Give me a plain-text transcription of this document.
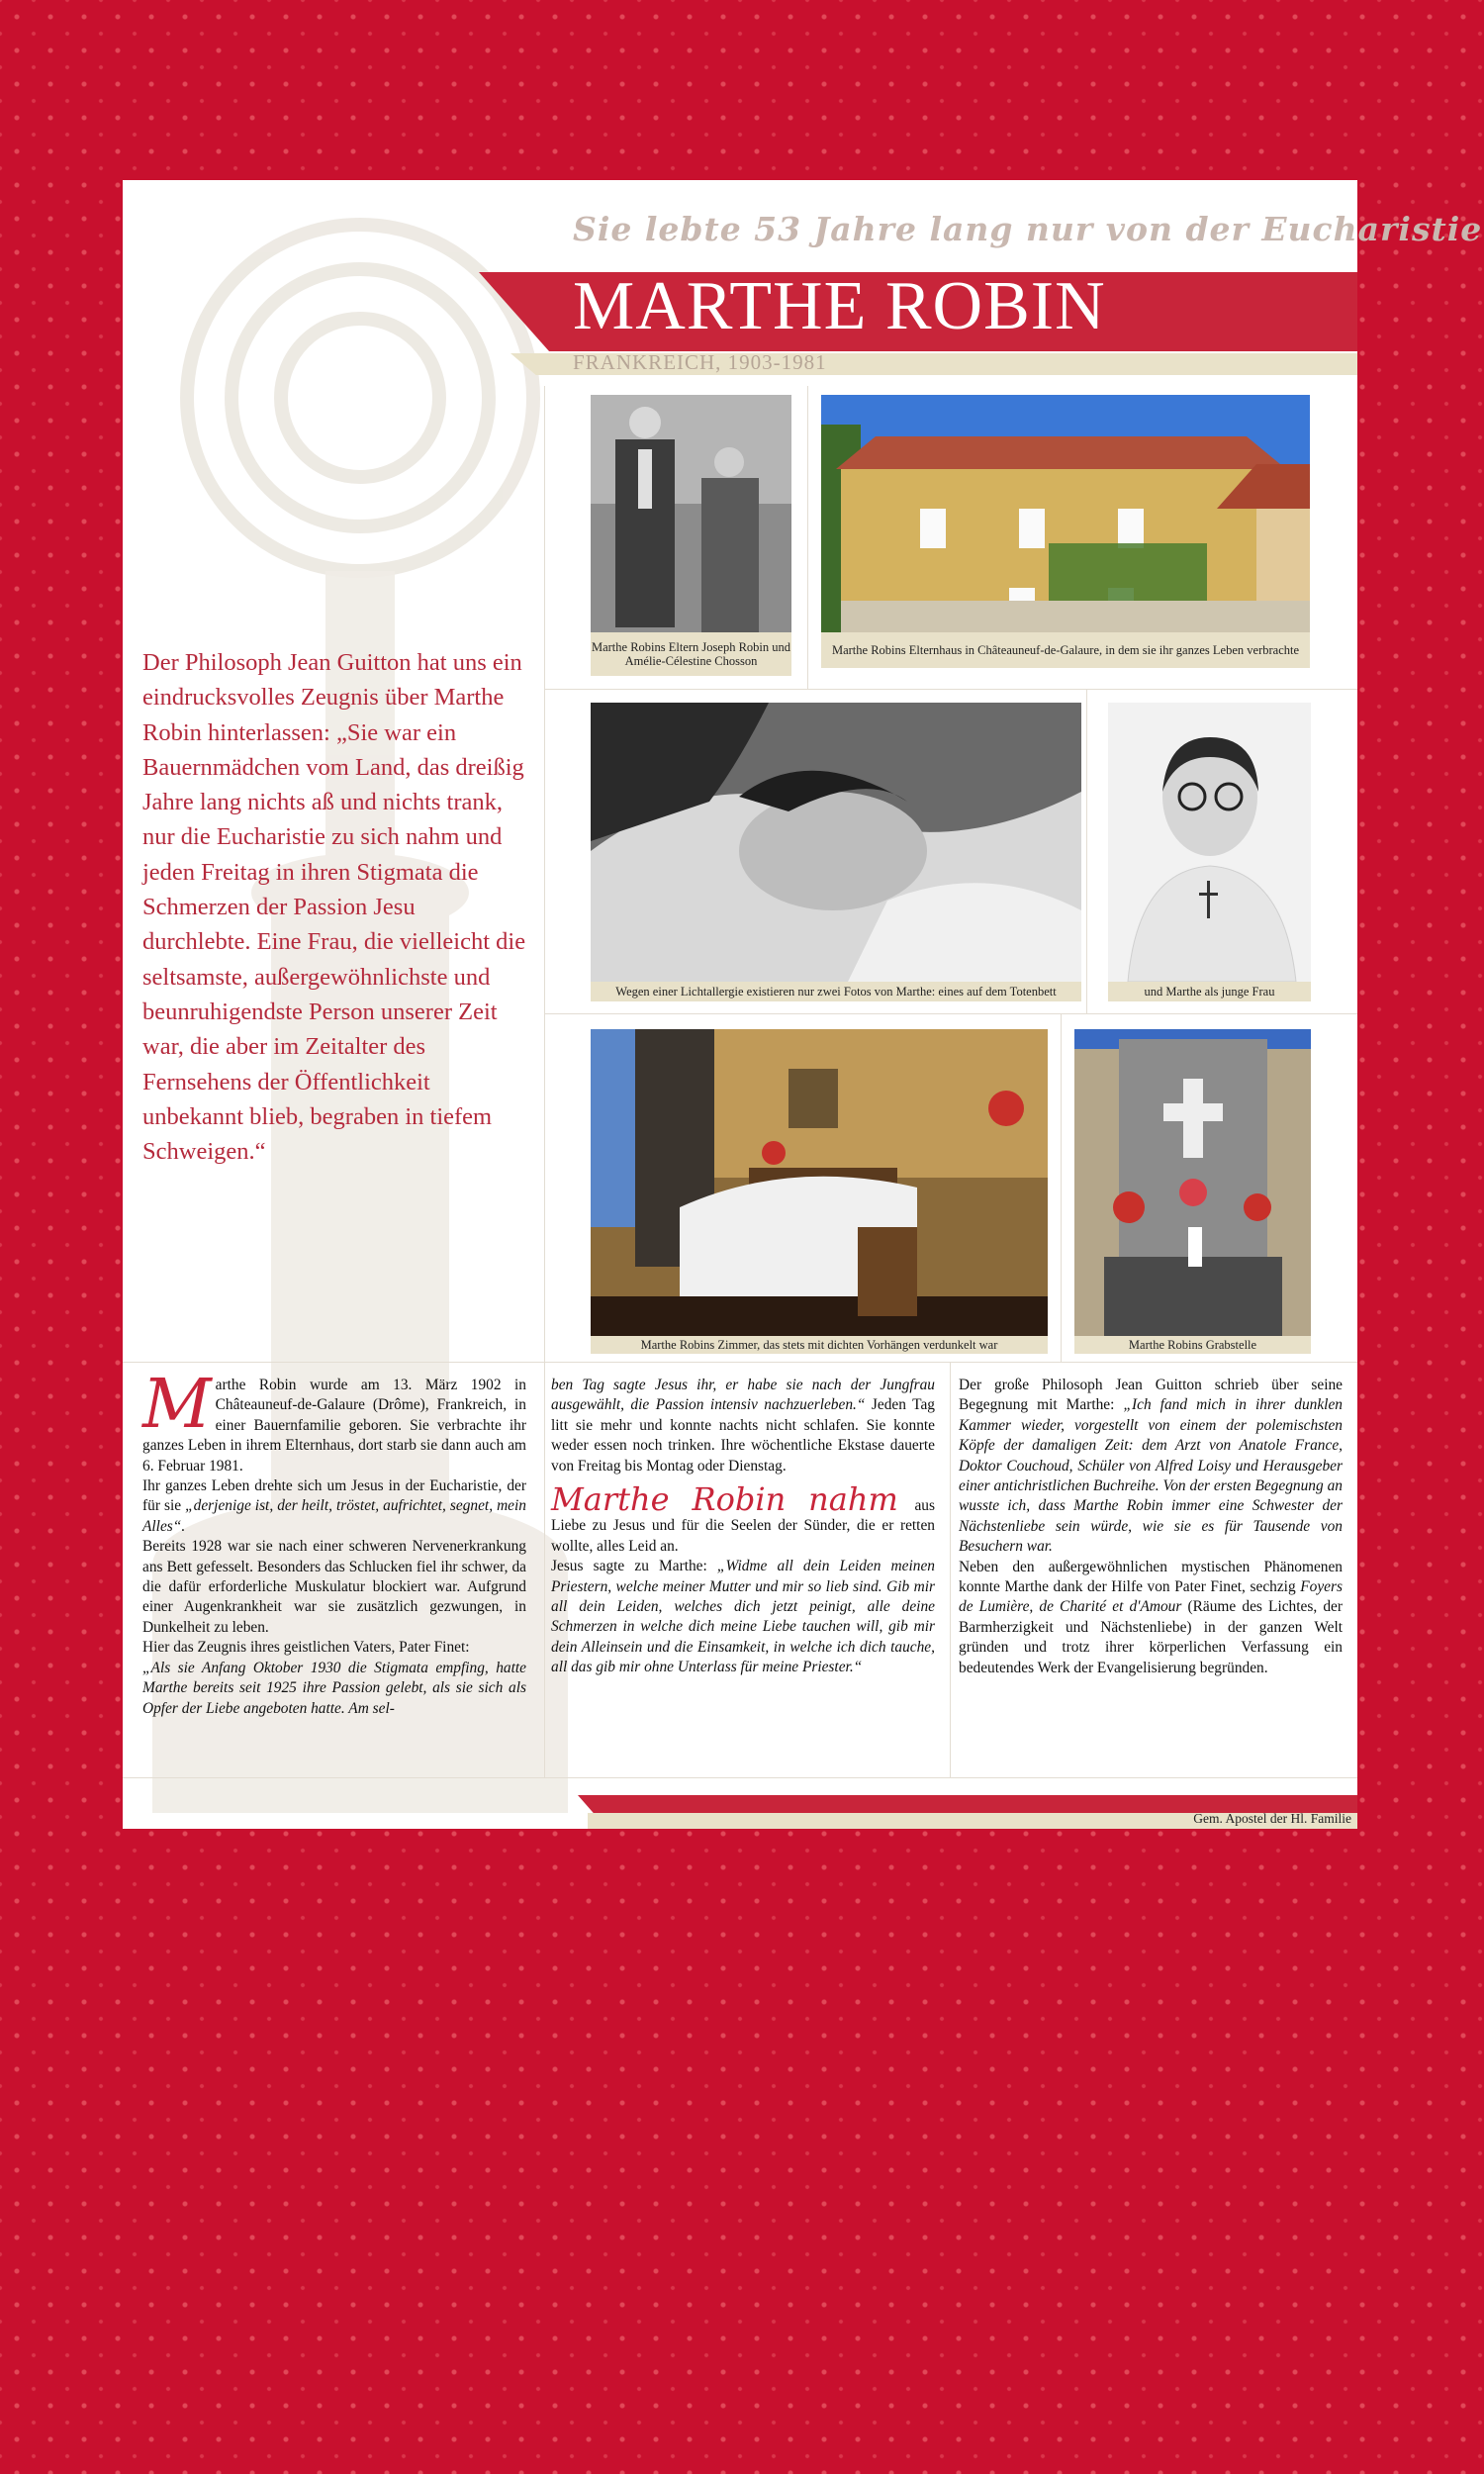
Sie lebte 53 Jahre lang nur von der Eucharistie
MARTHE ROBIN
FRANKREICH, 1903-1981

Der Philosoph Jean Guitton hat uns ein eindrucksvolles Zeugnis über Marthe Robin hinterlassen: „Sie war ein Bauernmädchen vom Land, das dreißig Jahre lang nichts aß und nichts trank, nur die Eucharistie zu sich nahm und jeden Freitag in ihren Stigmata die Schmerzen der Passion Jesu durchlebte. Eine Frau, die vielleicht die seltsamste, außergewöhnlichste und beunruhigendste Person unserer Zeit war, die aber im Zeitalter des Fernsehens der Öffentlichkeit unbekannt blieb, begraben in tiefem Schweigen.“

Marthe Robins Eltern Joseph Robin und Amélie-Célestine Chosson
Marthe Robins Elternhaus in Châteauneuf-de-Galaure, in dem sie ihr ganzes Leben verbrachte
Wegen einer Lichtallergie existieren nur zwei Fotos von Marthe: eines auf dem Totenbett	und Marthe als junge Frau
Marthe Robins Zimmer, das stets mit dichten Vorhängen verdunkelt war	Marthe Robins Grabstelle
M arthe Robin wurde am 13. März 1902 in Châteauneuf-de-Galaure (Drôme), Frankreich, in einer Bauernfamilie geboren. Sie verbrachte ihr ganzes Leben in ihrem Elternhaus, dort starb sie dann auch am 6. Februar 1981.

Ihr ganzes Leben drehte sich um Jesus in der Eucharistie, der für sie „derjenige ist, der heilt, tröstet, aufrichtet, segnet, mein Alles“.

Bereits 1928 war sie nach einer schweren Nervenerkrankung ans Bett gefesselt. Besonders das Schlucken fiel ihr schwer, da die dafür erforderliche Muskulatur blockiert war. Aufgrund einer Augenkrankheit war sie zusätzlich gezwungen, in Dunkelheit zu leben.

Hier das Zeugnis ihres geistlichen Vaters, Pater Finet:

„Als sie Anfang Oktober 1930 die Stigmata empfing, hatte Marthe bereits seit 1925 ihre Passion gelebt, als sie sich als Opfer der Liebe angeboten hatte. Am sel-

ben Tag sagte Jesus ihr, er habe sie nach der Jungfrau ausgewählt, die Passion intensiv nachzuerleben.“ Jeden Tag litt sie mehr und konnte nachts nicht schlafen. Sie konnte weder essen noch trinken. Ihre wöchentliche Ekstase dauerte von Freitag bis Montag oder Dienstag.

Marthe Robin nahm aus Liebe zu Jesus und für die Seelen der Sünder, die er retten wollte, alles Leid an.

Jesus sagte zu Marthe: „Widme all dein Leiden meinen Priestern, welche meiner Mutter und mir so lieb sind. Gib mir all dein Leiden, welches dich jetzt peinigt, alle deine Schmerzen in welche dich meine Liebe tauchen will, gib mir dein Alleinsein und die Einsamkeit, in welche ich dich tauche, all das gib mir ohne Unterlass für meine Priester.“

Der große Philosoph Jean Guitton schrieb über seine Begegnung mit Marthe: „Ich fand mich in ihrer dunklen Kammer wieder, vorgestellt von einem der polemischsten Köpfe der damaligen Zeit: dem Arzt von Anatole France, Doktor Couchoud, Schüler von Alfred Loisy und Herausgeber einer antichristlichen Buchreihe. Von der ersten Begegnung an wusste ich, dass Marthe Robin immer eine Schwester der Nächstenliebe sein würde, wie sie es für Tausende von Besuchern war.

Neben den außergewöhnlichen mystischen Phänomenen konnte Marthe dank der Hilfe von Pater Finet, sechzig Foyers de Lumière, de Charité et d'Amour (Räume des Lichtes, der Barmherzigkeit und Nächstenliebe) in der ganzen Welt gründen und trotz ihrer körperlichen Verfassung ein bedeutendes Werk der Evangelisierung begründen.

Gem. Apostel der Hl. Familie
